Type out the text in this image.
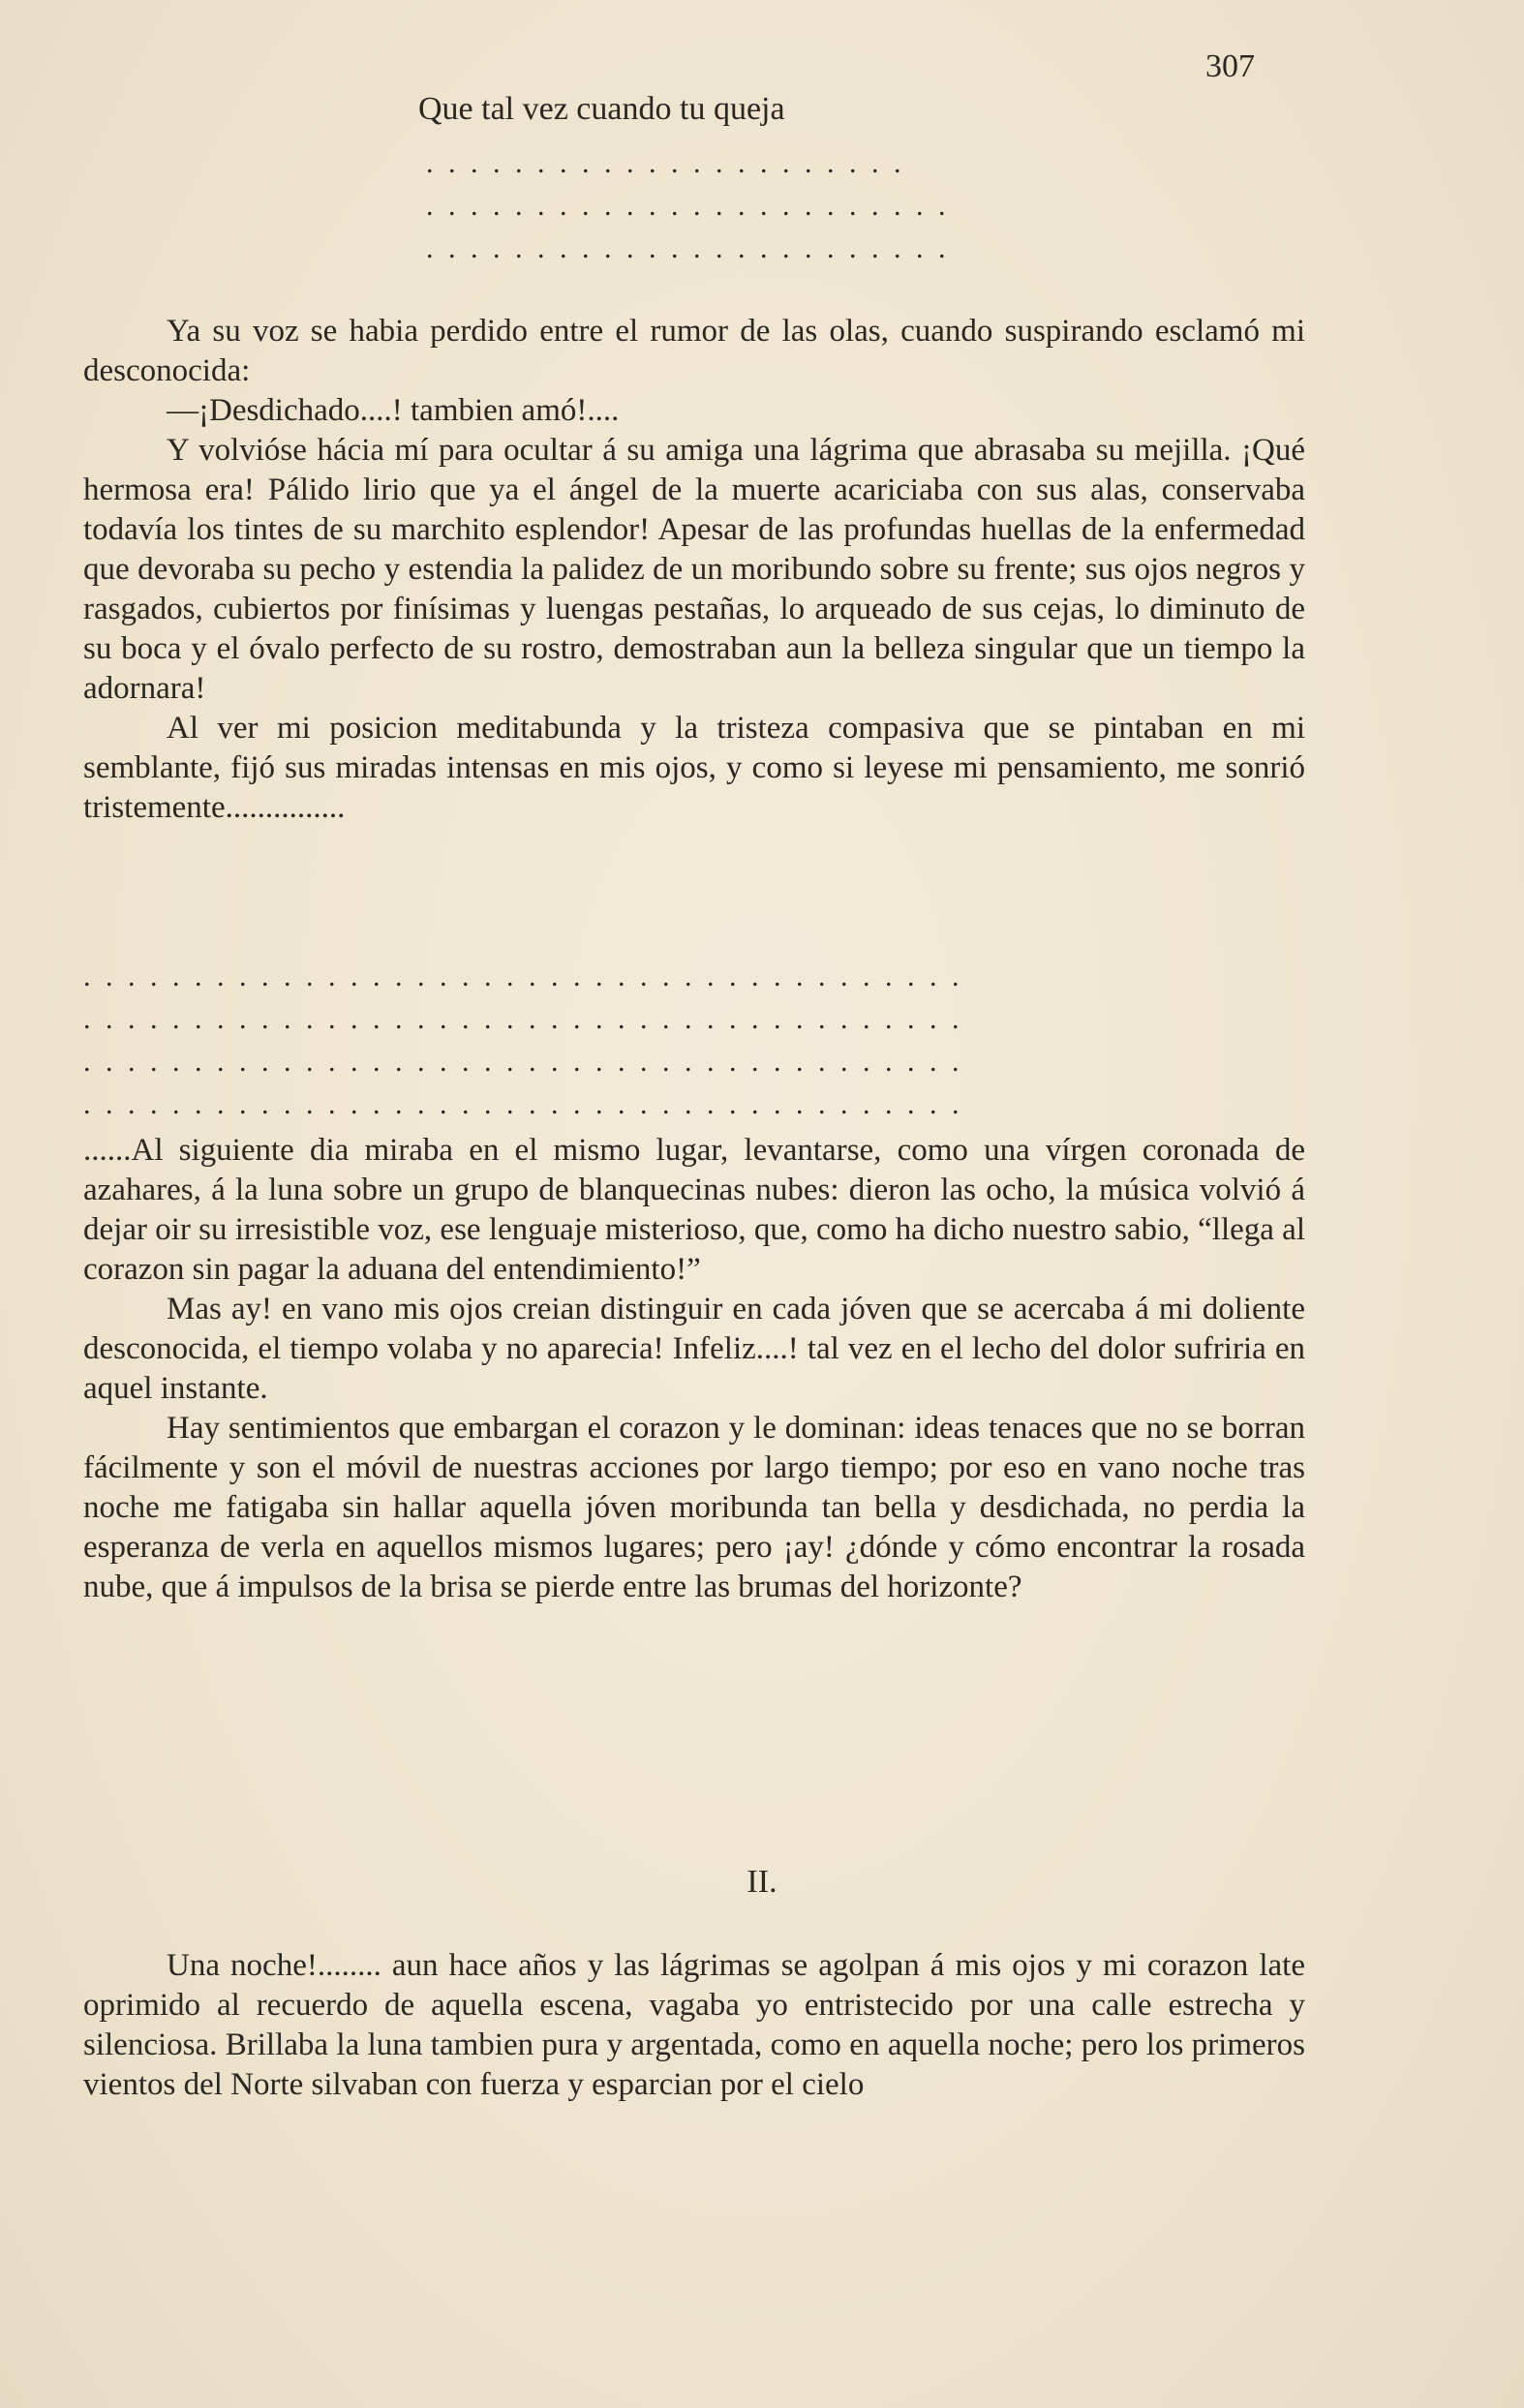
307
Que tal vez cuando tu queja
. . . . . . . . . . . . . . . . . . . . . .
. . . . . . . . . . . . . . . . . . . . . . . .
. . . . . . . . . . . . . . . . . . . . . . . .

Ya su voz se habia perdido entre el rumor de las olas, cuando suspirando esclamó mi desconocida:

—¡Desdichado....! tambien amó!....

Y volvióse hácia mí para ocultar á su amiga una lágrima que abrasaba su mejilla. ¡Qué hermosa era! Pálido lirio que ya el ángel de la muerte acariciaba con sus alas, conservaba todavía los tintes de su marchito esplendor! Apesar de las profundas huellas de la enfermedad que devoraba su pecho y estendia la palidez de un moribundo sobre su frente; sus ojos negros y rasgados, cubiertos por finísimas y luengas pestañas, lo arqueado de sus cejas, lo diminuto de su boca y el óvalo perfecto de su rostro, demostraban aun la belleza singular que un tiempo la adornara!

Al ver mi posicion meditabunda y la tristeza compasiva que se pintaban en mi semblante, fijó sus miradas intensas en mis ojos, y como si leyese mi pensamiento, me sonrió tristemente...............

. . . . . . . . . . . . . . . . . . . . . . . . . . . . . . . . . . . . . . . .
. . . . . . . . . . . . . . . . . . . . . . . . . . . . . . . . . . . . . . . .
. . . . . . . . . . . . . . . . . . . . . . . . . . . . . . . . . . . . . . . .
. . . . . . . . . . . . . . . . . . . . . . . . . . . . . . . . . . . . . . . .

......Al siguiente dia miraba en el mismo lugar, levantarse, como una vírgen coronada de azahares, á la luna sobre un grupo de blanquecinas nubes: dieron las ocho, la música volvió á dejar oir su irresistible voz, ese lenguaje misterioso, que, como ha dicho nuestro sabio, “llega al corazon sin pagar la aduana del entendimiento!”

Mas ay! en vano mis ojos creian distinguir en cada jóven que se acercaba á mi doliente desconocida, el tiempo volaba y no aparecia! Infeliz....! tal vez en el lecho del dolor sufriria en aquel instante.

Hay sentimientos que embargan el corazon y le dominan: ideas tenaces que no se borran fácilmente y son el móvil de nuestras acciones por largo tiempo; por eso en vano noche tras noche me fatigaba sin hallar aquella jóven moribunda tan bella y desdichada, no perdia la esperanza de verla en aquellos mismos lugares; pero ¡ay! ¿dónde y cómo encontrar la rosada nube, que á impulsos de la brisa se pierde entre las brumas del horizonte?

II.

Una noche!........ aun hace años y las lágrimas se agolpan á mis ojos y mi corazon late oprimido al recuerdo de aquella escena, vagaba yo entristecido por una calle estrecha y silenciosa. Brillaba la luna tambien pura y argentada, como en aquella noche; pero los primeros vientos del Norte silvaban con fuerza y esparcian por el cielo
